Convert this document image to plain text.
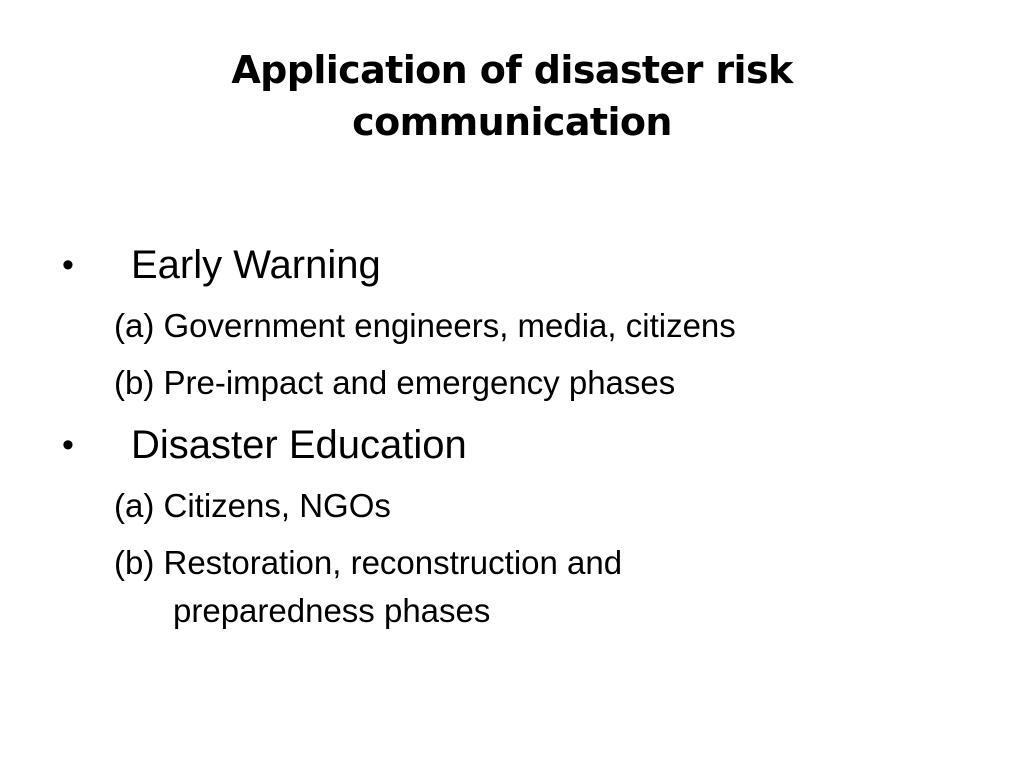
Application of disaster risk
communication
• Early Warning
(a) Government engineers, media, citizens
(b) Pre-impact and emergency phases
• Disaster Education
(a) Citizens, NGOs
(b) Restoration, reconstruction and
preparedness phases
